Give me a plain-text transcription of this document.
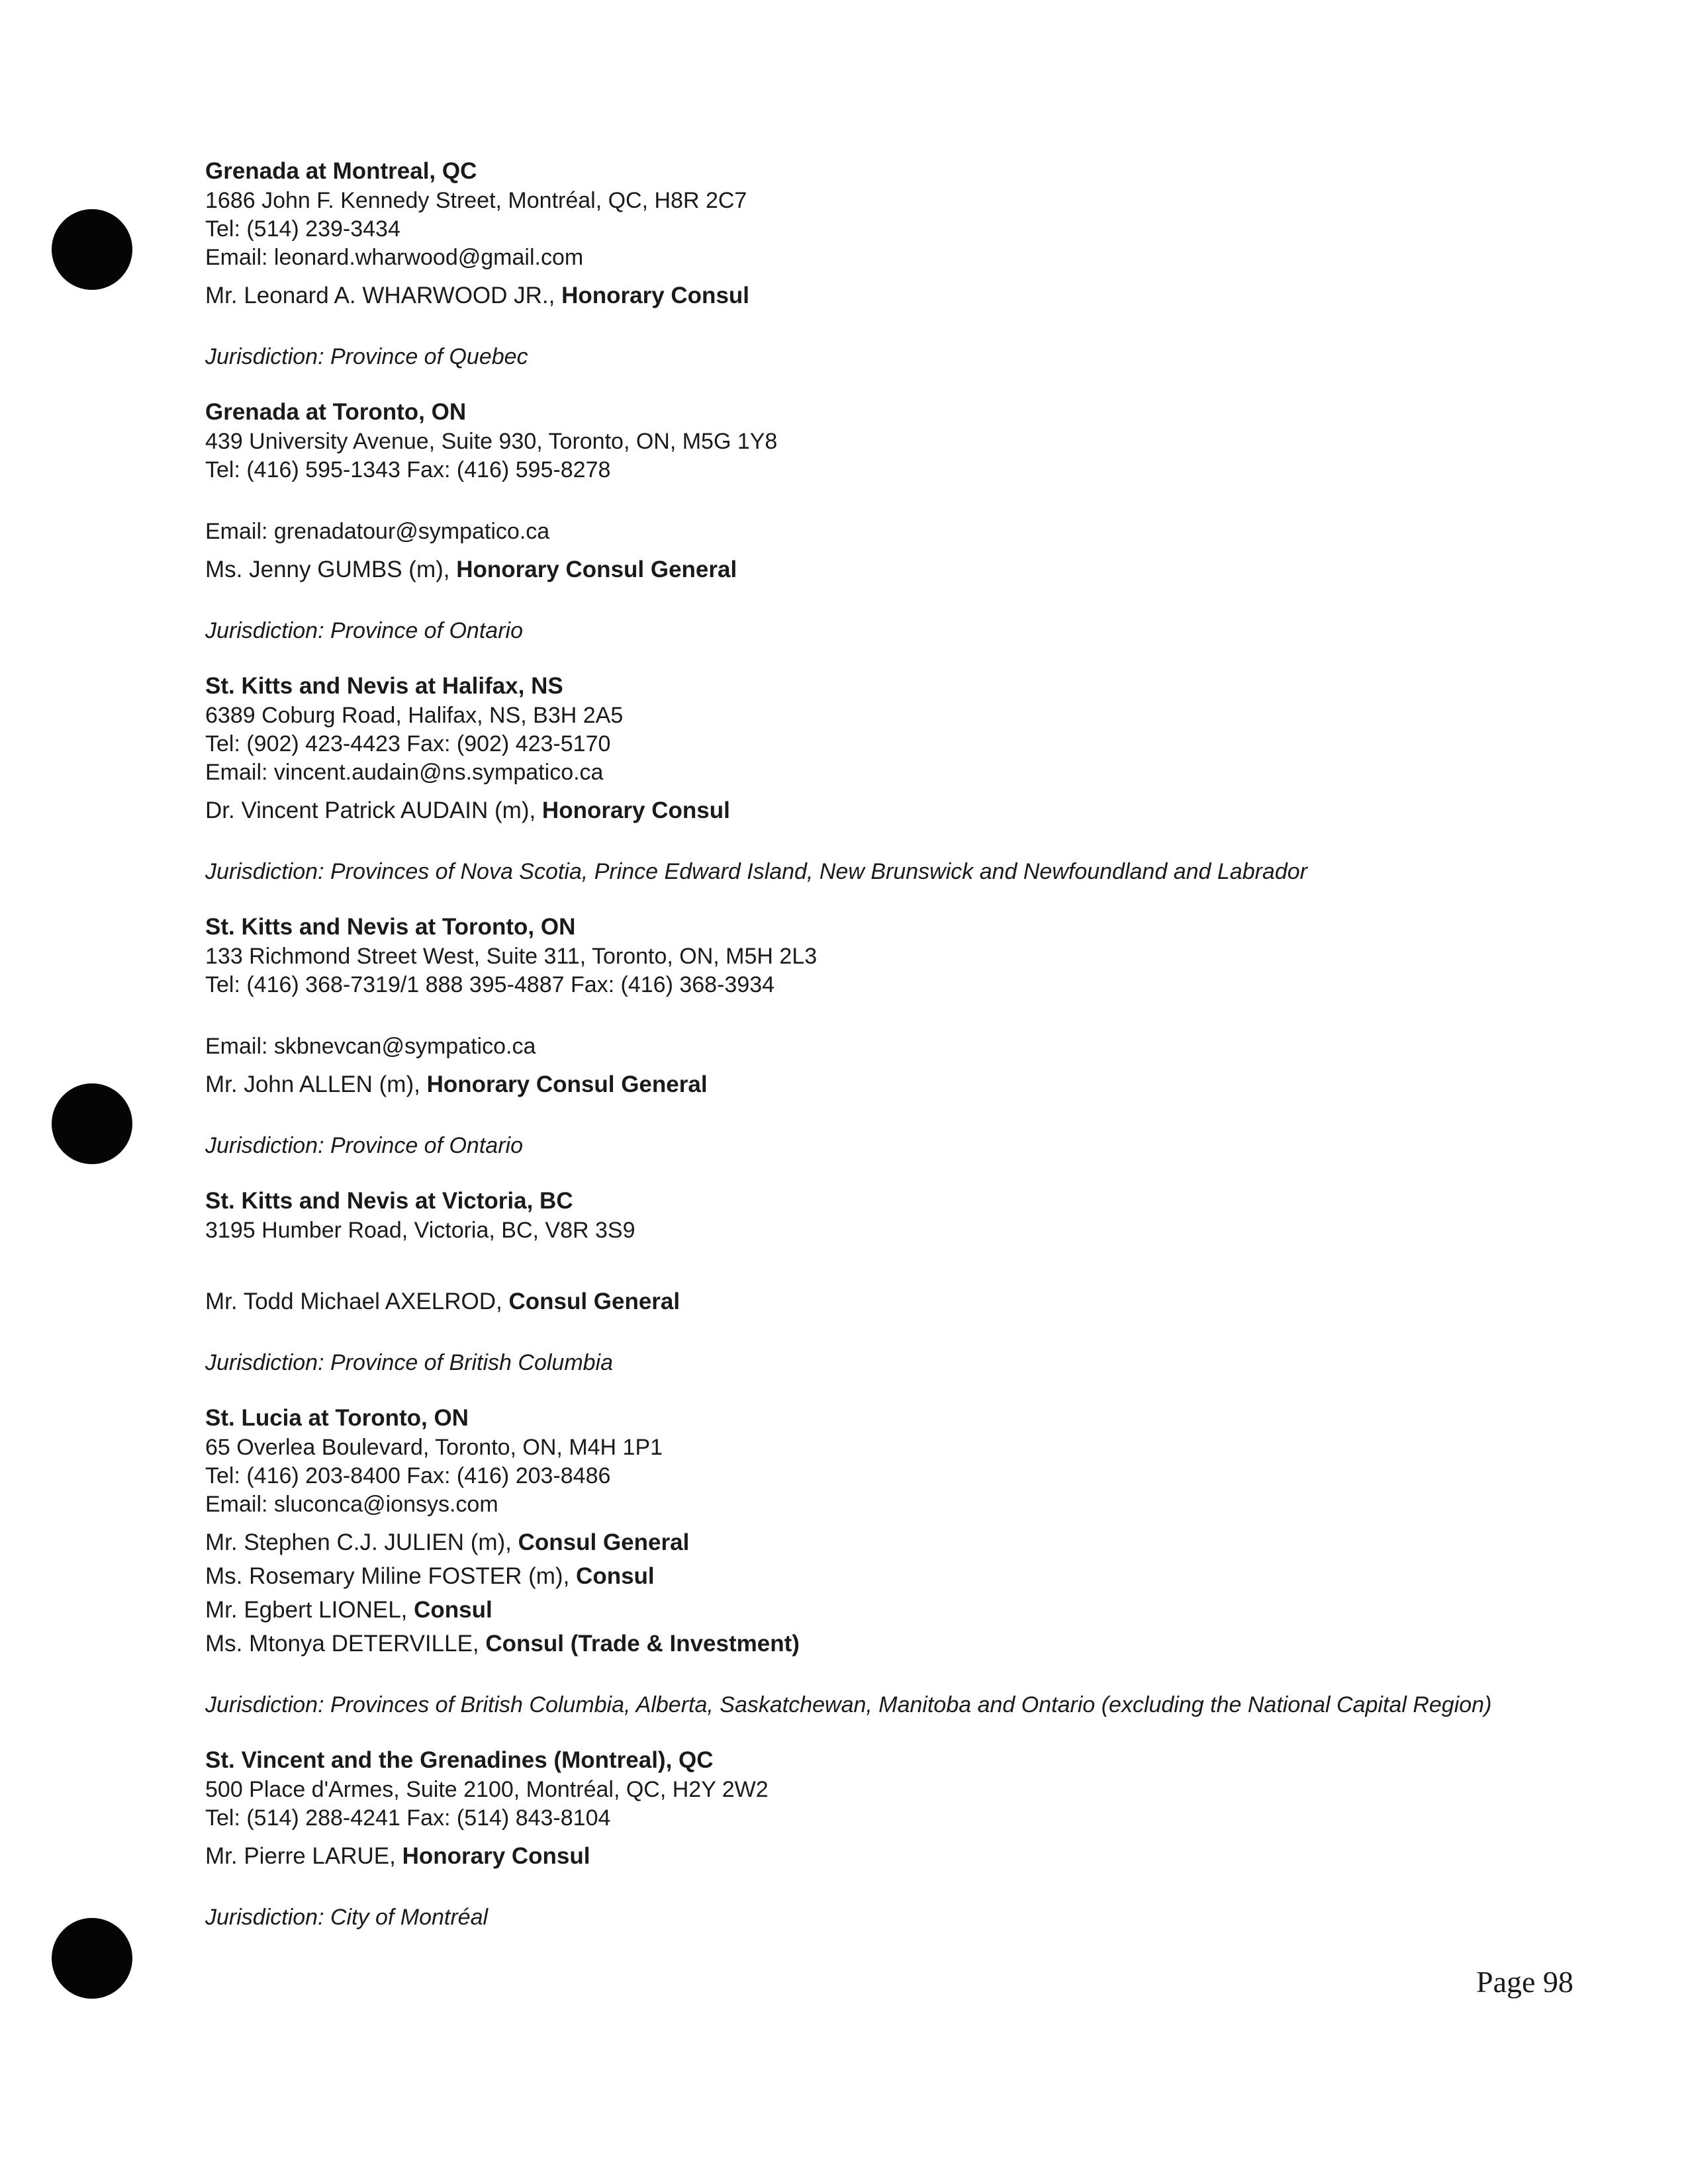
Grenada at Montreal, QC

1686 John F. Kennedy Street, Montréal, QC, H8R 2C7

Tel: (514) 239-3434

Email: leonard.wharwood@gmail.com

Mr. Leonard A. WHARWOOD JR., Honorary Consul

Jurisdiction: Province of Quebec

Grenada at Toronto, ON

439 University Avenue, Suite 930, Toronto, ON, M5G 1Y8

Tel: (416) 595-1343 Fax: (416) 595-8278

Email: grenadatour@sympatico.ca

Ms. Jenny GUMBS (m), Honorary Consul General

Jurisdiction: Province of Ontario

St. Kitts and Nevis at Halifax, NS

6389 Coburg Road, Halifax, NS, B3H 2A5

Tel: (902) 423-4423 Fax: (902) 423-5170

Email: vincent.audain@ns.sympatico.ca

Dr. Vincent Patrick AUDAIN (m), Honorary Consul

Jurisdiction: Provinces of Nova Scotia, Prince Edward Island, New Brunswick and Newfoundland and Labrador

St. Kitts and Nevis at Toronto, ON

133 Richmond Street West, Suite 311, Toronto, ON, M5H 2L3

Tel: (416) 368-7319/1 888 395-4887 Fax: (416) 368-3934

Email: skbnevcan@sympatico.ca

Mr. John ALLEN (m), Honorary Consul General

Jurisdiction: Province of Ontario

St. Kitts and Nevis at Victoria, BC

3195 Humber Road, Victoria, BC, V8R 3S9

Mr. Todd Michael AXELROD, Consul General

Jurisdiction: Province of British Columbia

St. Lucia at Toronto, ON

65 Overlea Boulevard, Toronto, ON, M4H 1P1

Tel: (416) 203-8400 Fax: (416) 203-8486

Email: sluconca@ionsys.com

Mr. Stephen C.J. JULIEN (m), Consul General

Ms. Rosemary Miline FOSTER (m), Consul

Mr. Egbert LIONEL, Consul

Ms. Mtonya DETERVILLE, Consul (Trade & Investment)

Jurisdiction: Provinces of British Columbia, Alberta, Saskatchewan, Manitoba and Ontario (excluding the National Capital Region)

St. Vincent and the Grenadines (Montreal), QC

500 Place d'Armes, Suite 2100, Montréal, QC, H2Y 2W2

Tel: (514) 288-4241 Fax: (514) 843-8104

Mr. Pierre LARUE, Honorary Consul

Jurisdiction: City of Montréal

Page 98
